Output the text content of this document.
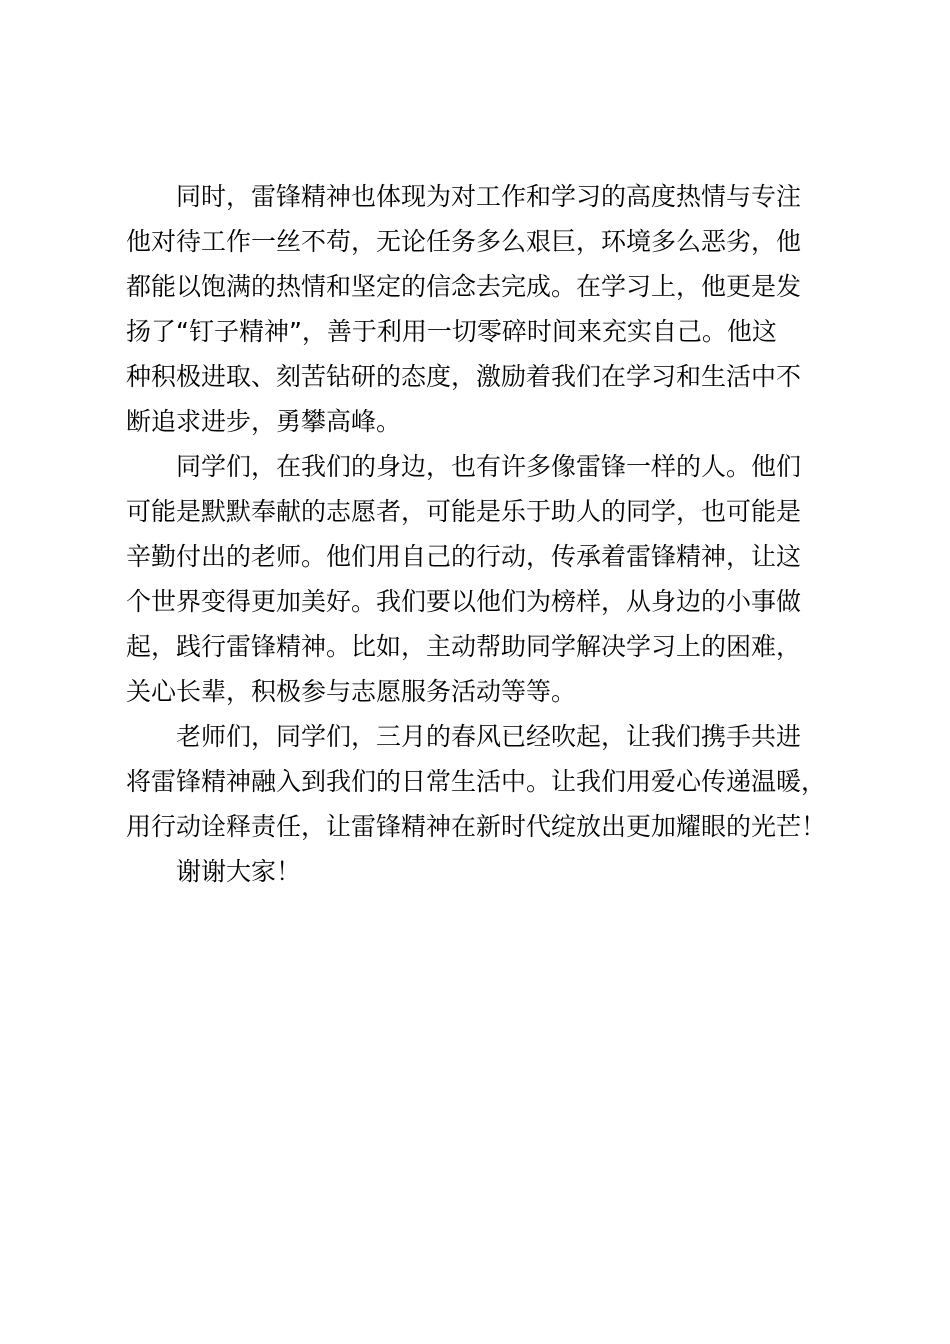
同时，雷锋精神也体现为对工作和学习的高度热情与专注
他对待工作一丝不苟，无论任务多么艰巨，环境多么恶劣，他
都能以饱满的热情和坚定的信念去完成。在学习上，他更是发
扬了“钉子精神”，善于利用一切零碎时间来充实自己。他这
种积极进取、刻苦钻研的态度，激励着我们在学习和生活中不
断追求进步，勇攀高峰。
同学们，在我们的身边，也有许多像雷锋一样的人。他们
可能是默默奉献的志愿者，可能是乐于助人的同学，也可能是
辛勤付出的老师。他们用自己的行动，传承着雷锋精神，让这
个世界变得更加美好。我们要以他们为榜样，从身边的小事做
起，践行雷锋精神。比如，主动帮助同学解决学习上的困难，
关心长辈，积极参与志愿服务活动等等。
老师们，同学们，三月的春风已经吹起，让我们携手共进
将雷锋精神融入到我们的日常生活中。让我们用爱心传递温暖，
用行动诠释责任，让雷锋精神在新时代绽放出更加耀眼的光芒！
谢谢大家！
